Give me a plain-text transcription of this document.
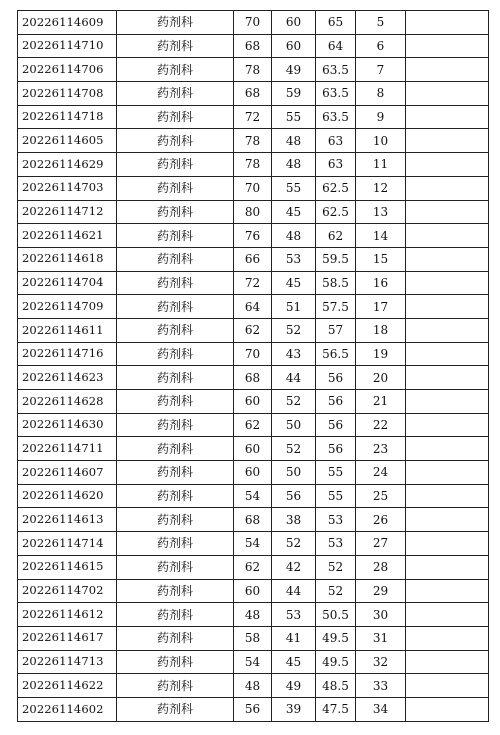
20226114609	药剂科	70	60	65	5	
20226114710	药剂科	68	60	64	6	
20226114706	药剂科	78	49	63.5	7	
20226114708	药剂科	68	59	63.5	8	
20226114718	药剂科	72	55	63.5	9	
20226114605	药剂科	78	48	63	10	
20226114629	药剂科	78	48	63	11	
20226114703	药剂科	70	55	62.5	12	
20226114712	药剂科	80	45	62.5	13	
20226114621	药剂科	76	48	62	14	
20226114618	药剂科	66	53	59.5	15	
20226114704	药剂科	72	45	58.5	16	
20226114709	药剂科	64	51	57.5	17	
20226114611	药剂科	62	52	57	18	
20226114716	药剂科	70	43	56.5	19	
20226114623	药剂科	68	44	56	20	
20226114628	药剂科	60	52	56	21	
20226114630	药剂科	62	50	56	22	
20226114711	药剂科	60	52	56	23	
20226114607	药剂科	60	50	55	24	
20226114620	药剂科	54	56	55	25	
20226114613	药剂科	68	38	53	26	
20226114714	药剂科	54	52	53	27	
20226114615	药剂科	62	42	52	28	
20226114702	药剂科	60	44	52	29	
20226114612	药剂科	48	53	50.5	30	
20226114617	药剂科	58	41	49.5	31	
20226114713	药剂科	54	45	49.5	32	
20226114622	药剂科	48	49	48.5	33	
20226114602	药剂科	56	39	47.5	34	
